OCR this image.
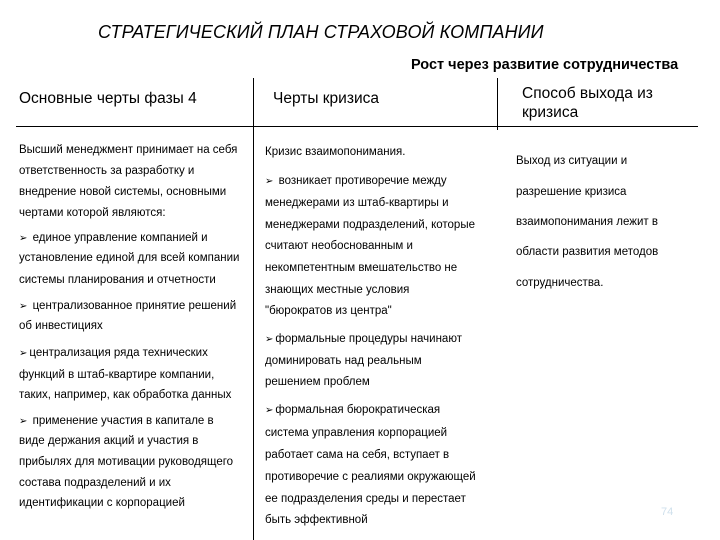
СТРАТЕГИЧЕСКИЙ ПЛАН СТРАХОВОЙ КОМПАНИИ
Рост через развитие сотрудничества
Основные черты фазы 4	Черты кризиса	Способ выхода из
кризиса
Высший менеджмент принимает на себя
ответственность за разработку и
внедрение новой системы, основными
чертами которой являются:
➢ единое управление компанией и
установление единой для всей компании
системы планирования и отчетности
➢ централизованное принятие решений
об инвестициях
➢ централизация ряда технических
функций в штаб-квартире компании,
таких, например, как обработка данных
➢ применение участия в капитале в
виде держания акций и участия в
прибылях для мотивации руководящего
состава подразделений и их
идентификации с корпорацией
Кризис взаимопонимания.
➢ возникает противоречие между
менеджерами из штаб-квартиры и
менеджерами подразделений, которые
считают необоснованным и
некомпетентным вмешательство не
знающих местные условия
"бюрократов из центра"
➢ формальные процедуры начинают
доминировать над реальным
решением проблем
➢ формальная бюрократическая
система управления корпорацией
работает сама на себя, вступает в
противоречие с реалиями окружающей
ее подразделения среды и перестает
быть эффективной
Выход из ситуации и
разрешение кризиса
взаимопонимания лежит в
области развития методов
сотрудничества.
74
